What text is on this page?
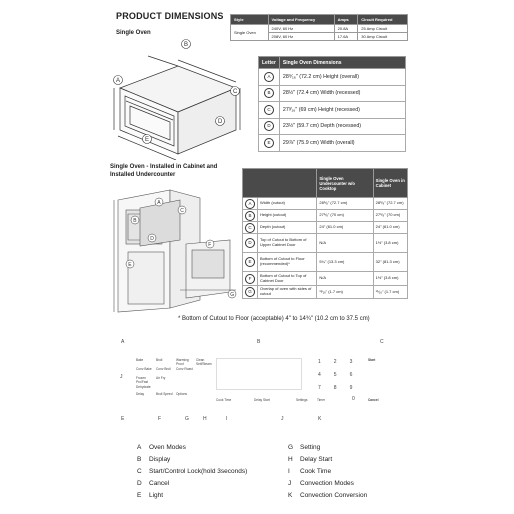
PRODUCT DIMENSIONS
Single Oven
Style	Voltage and Frequency	Amps	Circuit Required
Single Oven	240V, 60 Hz	20.8A	25 Amp Circuit
	208V, 60 Hz	17.6A	30 Amp Circuit
A
B
C
D
E
Letter	Single Oven Dimensions
A	28⁹⁄₁₆" (72.2 cm) Height (overall)
B	28½" (72.4 cm) Width (recessed)
C	27³⁄₁₆" (69 cm) Height (recessed)
D	23½" (59.7 cm) Depth (recessed)
E	29⅞" (75.9 cm) Width (overall)
Single Oven - Installed in Cabinet and
Installed Undercounter
A
B
C
D
E
F
G
		Single Oven Undercounter w/o Cooktop	Single Oven in Cabinet
A	Width (cutout)	28⁵⁄₈" (72.7 cm)	28⁵⁄₈" (72.7 cm)
B	Height (cutout)	27⁵⁄₈" (70 cm)	27⁵⁄₈" (70 cm)
C	Depth (cutout)	24" (61.0 cm)	24" (61.0 cm)
D	Top of Cutout to Bottom of Upper Cabinet Door	N/A	1½" (3.8 cm)
E	Bottom of Cutout to Floor (recommended)*	5¼" (13.3 cm)	32" (81.3 cm)
F	Bottom of Cutout to Top of Cabinet Door	N/A	1½" (3.8 cm)
G	Overlap of oven with sides of cutout	¹¹⁄₁₆" (1.7 cm)	¹¹⁄₁₆" (1.7 cm)
* Bottom of Cutout to Floor (acceptable) 4" to 14¾" (10.2 cm to 37.5 cm)
A	B	C
J
Bake	Broil	Warming Proof
Clean Self/Steam
Conv Bake	Conv Broil	Conv Roast
Frozen Pro/Fast
Air Fry
Dehydrate
Delay	Broil Speed Options
Cook Time	Delay Start
1	2	3
4	5	6
7	8	9
Settings	Timer	0
Start
Cancel
E	F	G	H	I	J	K
A	Oven Modes
B	Display
C	Start/Control Lock(hold 3seconds)
D	Cancel
E	Light
G	Setting
H	Delay Start
I	Cook Time
J	Convection Modes
K	Convection Conversion
